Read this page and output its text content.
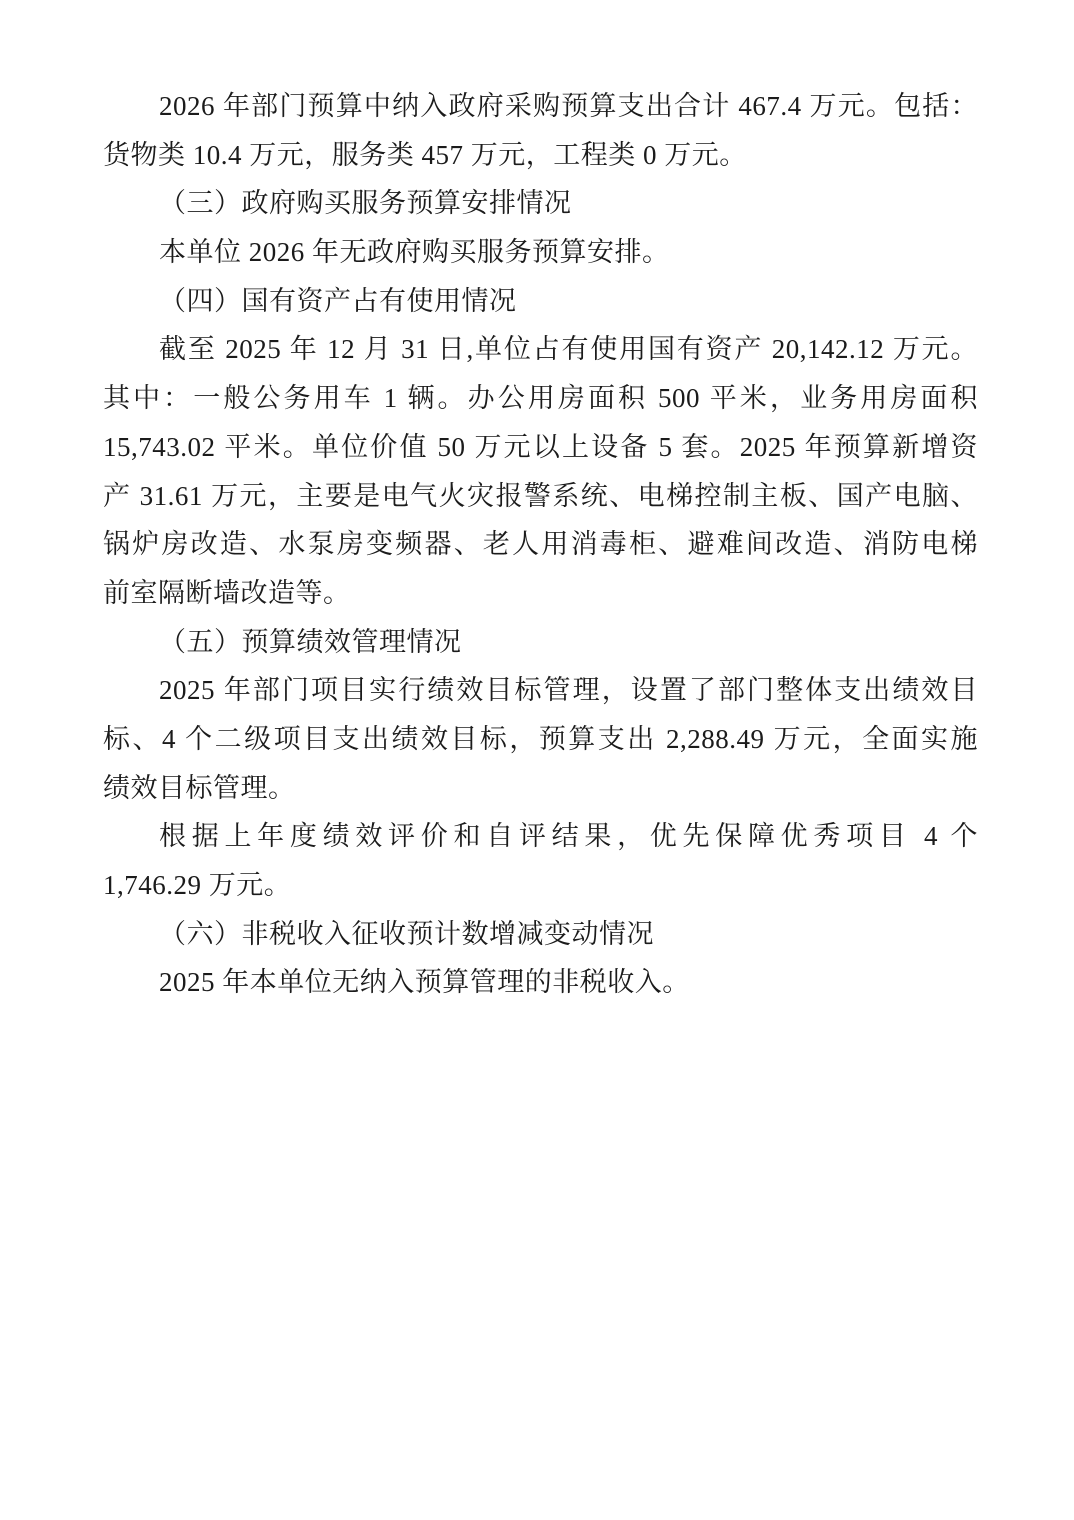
2026 年部门预算中纳入政府采购预算支出合计 467.4 万元。包括：
货物类 10.4 万元，服务类 457 万元，工程类 0 万元。
（三）政府购买服务预算安排情况
本单位 2026 年无政府购买服务预算安排。
（四）国有资产占有使用情况
截至 2025 年 12 月 31 日,单位占有使用国有资产 20,142.12 万元。
其中：一般公务用车 1 辆。办公用房面积 500 平米，业务用房面积
15,743.02 平米。单位价值 50 万元以上设备 5 套。2025 年预算新增资
产 31.61 万元，主要是电气火灾报警系统、电梯控制主板、国产电脑、
锅炉房改造、水泵房变频器、老人用消毒柜、避难间改造、消防电梯
前室隔断墙改造等。
（五）预算绩效管理情况
2025 年部门项目实行绩效目标管理，设置了部门整体支出绩效目
标、4 个二级项目支出绩效目标，预算支出 2,288.49 万元，全面实施
绩效目标管理。
根据上年度绩效评价和自评结果，优先保障优秀项目 4 个
1,746.29 万元。
（六）非税收入征收预计数增减变动情况
2025 年本单位无纳入预算管理的非税收入。
